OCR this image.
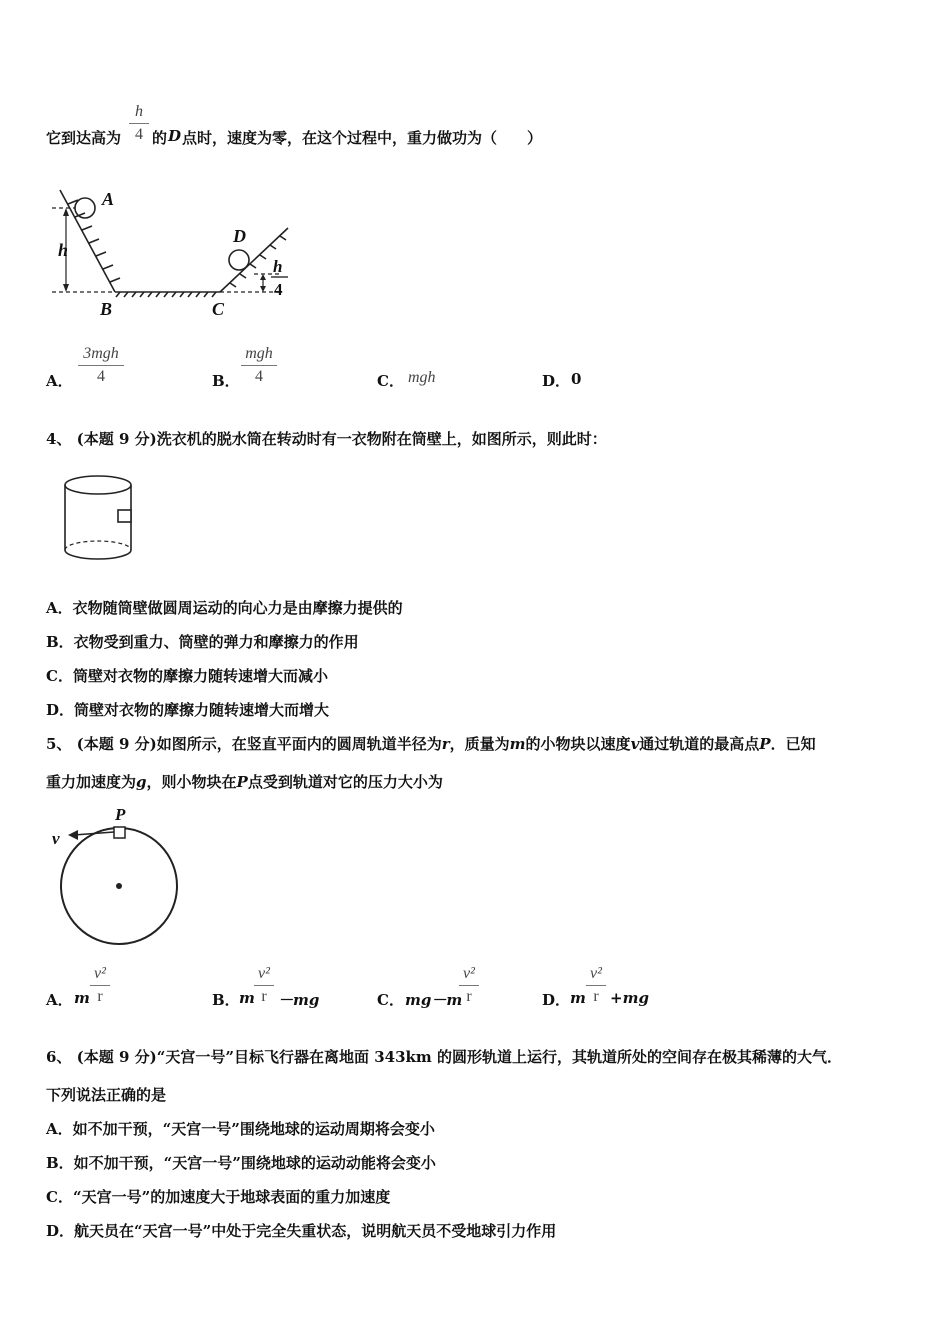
它到达高为
h
4 的 D 点时，速度为零，在这个过程中，重力做功为（　　）
A
B	C
D
h
h
4
A．
3mgh
4	B．
mgh
4	C． mgh	D． 0
4、 (本题 9 分)洗衣机的脱水筒在转动时有一衣物附在筒壁上，如图所示，则此时：
A．衣物随筒壁做圆周运动的向心力是由摩擦力提供的
B．衣物受到重力、筒壁的弹力和摩擦力的作用
C．筒壁对衣物的摩擦力随转速增大而减小
D．筒壁对衣物的摩擦力随转速增大而增大
5、 (本题 9 分)如图所示，在竖直平面内的圆周轨道半径为r，质量为m的小物块以速度v通过轨道的最高点P．已知
重力加速度为g，则小物块在P点受到轨道对它的压力大小为
P
v
A． m
v²
r	B． m
v²
r －mg	C． mg－m
v²
r	D． m
v²
r +mg
6、 (本题 9 分)“天宫一号”目标飞行器在离地面 343km 的圆形轨道上运行，其轨道所处的空间存在极其稀薄的大气．
下列说法正确的是
A．如不加干预，“天宫一号”围绕地球的运动周期将会变小
B．如不加干预，“天宫一号”围绕地球的运动动能将会变小
C．“天宫一号”的加速度大于地球表面的重力加速度
D．航天员在“天宫一号”中处于完全失重状态，说明航天员不受地球引力作用
